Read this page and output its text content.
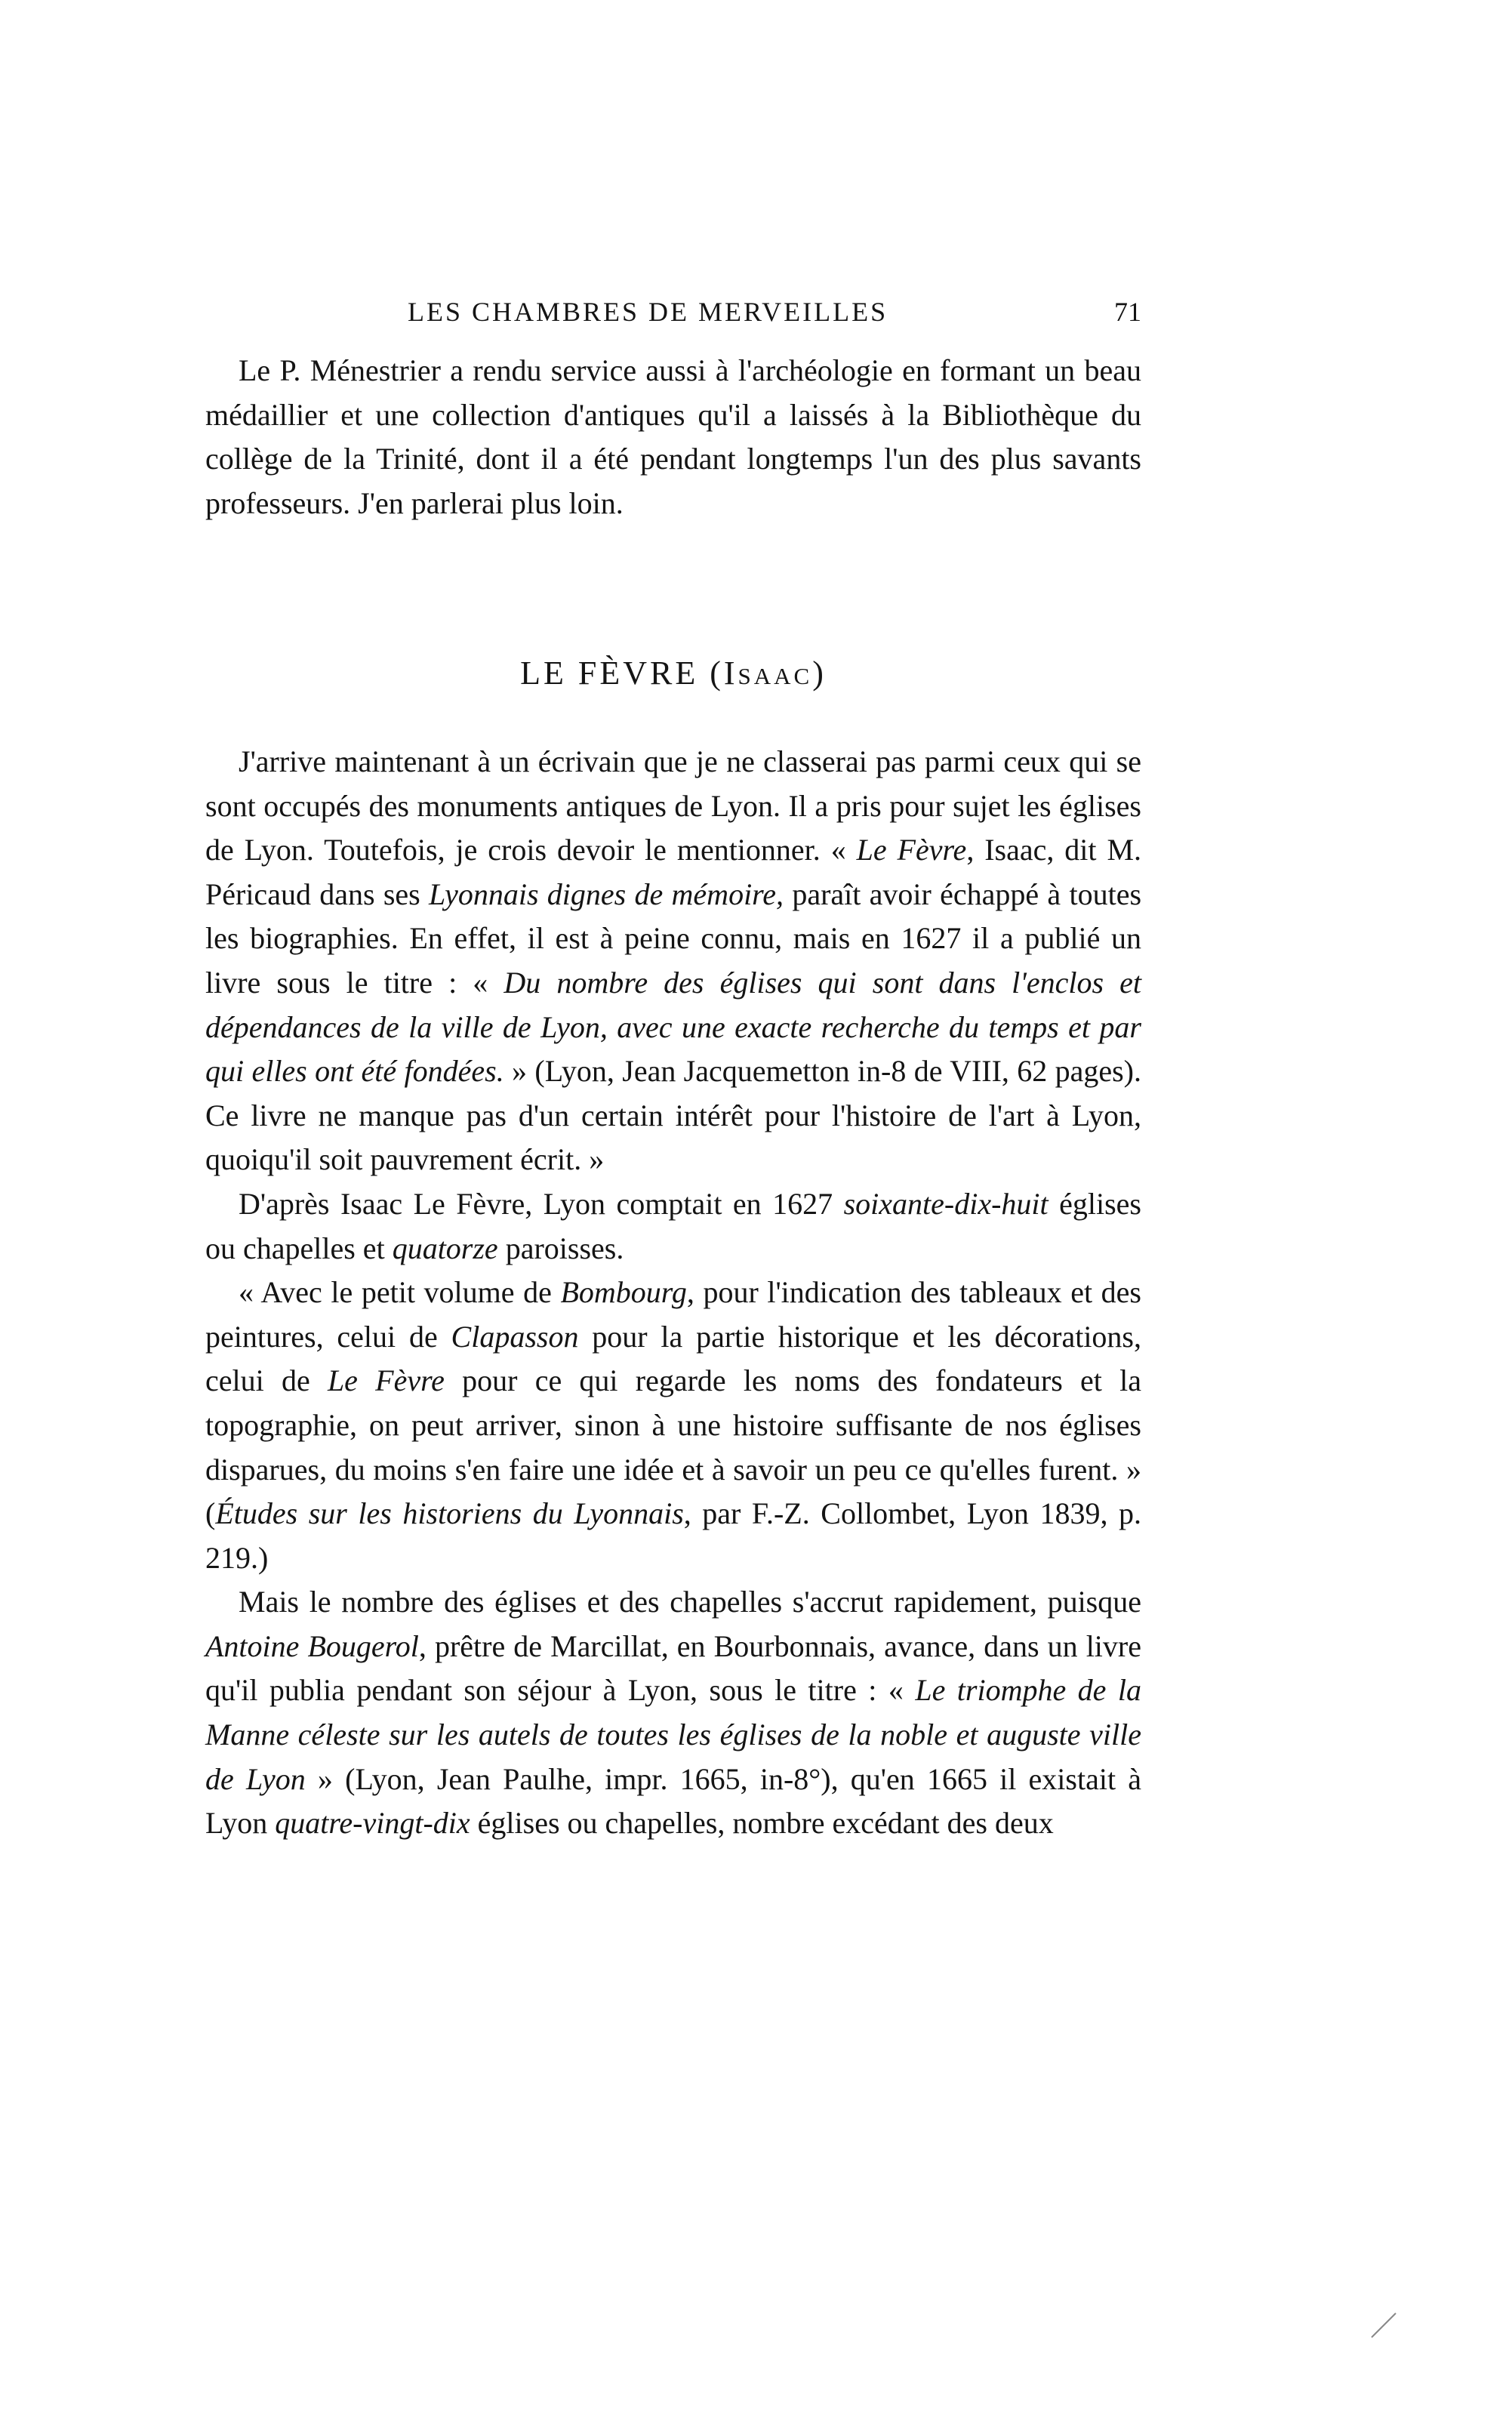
LES CHAMBRES DE MERVEILLES	71

Le P. Ménestrier a rendu service aussi à l'archéologie en formant un beau médaillier et une collection d'antiques qu'il a laissés à la Bibliothèque du collège de la Trinité, dont il a été pendant longtemps l'un des plus savants professeurs. J'en parlerai plus loin.

LE FÈVRE (Isaac)

J'arrive maintenant à un écrivain que je ne classerai pas parmi ceux qui se sont occupés des monuments antiques de Lyon. Il a pris pour sujet les églises de Lyon. Toutefois, je crois devoir le mentionner. « Le Fèvre, Isaac, dit M. Péricaud dans ses Lyonnais dignes de mémoire, paraît avoir échappé à toutes les biographies. En effet, il est à peine connu, mais en 1627 il a publié un livre sous le titre : « Du nombre des églises qui sont dans l'enclos et dépendances de la ville de Lyon, avec une exacte recherche du temps et par qui elles ont été fondées. » (Lyon, Jean Jacquemetton in-8 de VIII, 62 pages). Ce livre ne manque pas d'un certain intérêt pour l'histoire de l'art à Lyon, quoiqu'il soit pauvrement écrit. »

D'après Isaac Le Fèvre, Lyon comptait en 1627 soixante-dix-huit églises ou chapelles et quatorze paroisses.

« Avec le petit volume de Bombourg, pour l'indication des tableaux et des peintures, celui de Clapasson pour la partie historique et les décorations, celui de Le Fèvre pour ce qui regarde les noms des fondateurs et la topographie, on peut arriver, sinon à une histoire suffisante de nos églises disparues, du moins s'en faire une idée et à savoir un peu ce qu'elles furent. » (Études sur les historiens du Lyonnais, par F.-Z. Collombet, Lyon 1839, p. 219.)

Mais le nombre des églises et des chapelles s'accrut rapidement, puisque Antoine Bougerol, prêtre de Marcillat, en Bourbonnais, avance, dans un livre qu'il publia pendant son séjour à Lyon, sous le titre : « Le triomphe de la Manne céleste sur les autels de toutes les églises de la noble et auguste ville de Lyon » (Lyon, Jean Paulhe, impr. 1665, in-8°), qu'en 1665 il existait à Lyon quatre-vingt-dix églises ou chapelles, nombre excédant des deux
